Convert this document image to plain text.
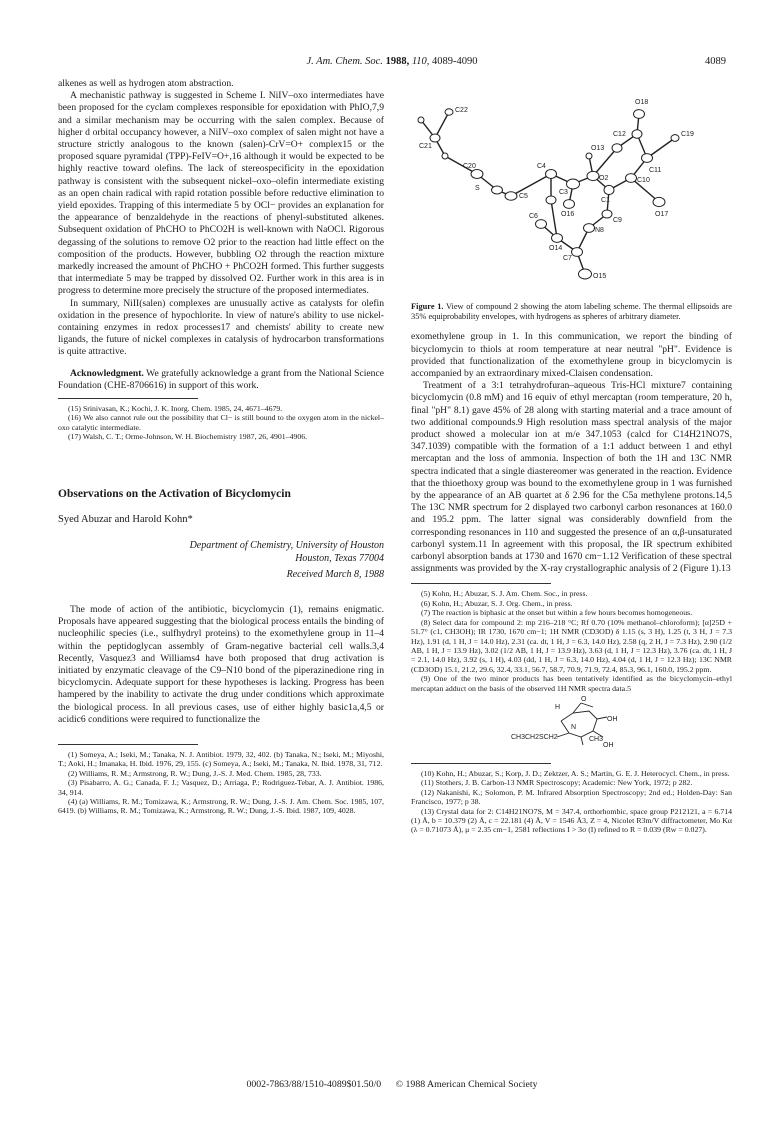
J. Am. Chem. Soc. 1988, 110, 4089-4090	4089

alkenes as well as hydrogen atom abstraction.

A mechanistic pathway is suggested in Scheme I. NiIV–oxo intermediates have been proposed for the cyclam complexes responsible for epoxidation with PhIO,7,9 and a similar mechanism may be occurring with the salen complex. Because of higher d orbital occupancy however, a NiIV–oxo complex of salen might not have a structure strictly analogous to the known (salen)-CrV=O+ complex15 or the proposed square pyramidal (TPP)-FeIV=O+,16 although it would be expected to be highly reactive toward olefins. The lack of stereospecificity in the epoxidation pathway is consistent with the subsequent nickel–oxo–olefin intermediate existing as an open chain radical with rapid rotation possible before reductive elimination to yield epoxides. Trapping of this intermediate 5 by OCl− provides an explanation for the appearance of benzaldehyde in the reactions of phenyl-substituted alkenes. Subsequent oxidation of PhCHO to PhCO2H is well-known with NaOCl. Rigorous degassing of the solutions to remove O2 prior to the reaction had little effect on the composition of the products. However, bubbling O2 through the reaction mixture markedly increased the amount of PhCHO + PhCO2H formed. This further suggests that intermediate 5 may be trapped by dissolved O2. Further work in this area is in progress to determine more precisely the structure of the proposed intermediates.

In summary, NiII(salen) complexes are unusually active as catalysts for olefin oxidation in the presence of hypochlorite. In view of nature's ability to use nickel-containing enzymes in redox processes17 and chemists' ability to create new ligands, the future of nickel complexes in catalysis of hydrocarbon transformations is quite attractive.

Acknowledgment. We gratefully acknowledge a grant from the National Science Foundation (CHE-8706616) in support of this work.

(15) Srinivasan, K.; Kochi, J. K. Inorg. Chem. 1985, 24, 4671–4679.

(16) We also cannot rule out the possibility that Cl− is still bound to the oxygen atom in the nickel–oxo catalytic intermediate.

(17) Walsh, C. T.; Orme-Johnson, W. H. Biochemistry 1987, 26, 4901–4906.

Observations on the Activation of Bicyclomycin
Syed Abuzar and Harold Kohn*
Department of Chemistry, University of Houston
Houston, Texas 77004
Received March 8, 1988

The mode of action of the antibiotic, bicyclomycin (1), remains enigmatic. Proposals have appeared suggesting that the biological process entails the binding of nucleophilic species (i.e., sulfhydryl proteins) to the exomethylene group in 11–4 within the peptidoglycan assembly of Gram-negative bacterial cell walls.3,4 Recently, Vasquez3 and Williams4 have both proposed that drug activation is initiated by enzymatic cleavage of the C9–N10 bond of the piperazinedione ring in bicyclomycin. Adequate support for these hypotheses is lacking. Progress has been hampered by the inability to activate the drug under conditions which approximate the biological process. In all previous cases, use of either highly basic1a,4,5 or acidic6 conditions were required to functionalize the

(1) Someya, A.; Iseki, M.; Tanaka, N. J. Antibiot. 1979, 32, 402. (b) Tanaka, N.; Iseki, M.; Miyoshi, T.; Aoki, H.; Imanaka, H. Ibid. 1976, 29, 155. (c) Someya, A.; Iseki, M.; Tanaka, N. Ibid. 1978, 31, 712.

(2) Williams, R. M.; Armstrong, R. W.; Dung, J.-S. J. Med. Chem. 1985, 28, 733.

(3) Pisabarro, A. G.; Canada, F. J.; Vasquez, D.; Arriaga, P.; Rodriguez-Tebar, A. J. Antibiot. 1986, 34, 914.

(4) (a) Williams, R. M.; Tomizawa, K.; Armstrong, R. W.; Dung, J.-S. J. Am. Chem. Soc. 1985, 107, 6419. (b) Williams, R. M.; Tomizawa, K.; Armstrong, R. W.; Dung, J.-S. Ibid. 1987, 109, 4028.

C22
C21
C20
S
C4
C5
C3
O2
C6
O14
C7
N8
O15
O16
C1
C9
C10
C11
C12
O13
O18
C19
O17

Figure 1. View of compound 2 showing the atom labeling scheme. The thermal ellipsoids are 35% equiprobability envelopes, with hydrogens as spheres of arbitrary diameter.

exomethylene group in 1. In this communication, we report the binding of bicyclomycin to thiols at room temperature at near neutral "pH". Evidence is provided that functionalization of the exomethylene group in bicyclomycin is accompanied by an extraordinary mixed-Claisen condensation.

Treatment of a 3:1 tetrahydrofuran–aqueous Tris-HCl mixture7 containing bicyclomycin (0.8 mM) and 16 equiv of ethyl mercaptan (room temperature, 20 h, final "pH" 8.1) gave 45% of 28 along with starting material and a trace amount of two additional compounds.9 High resolution mass spectral analysis of the major product showed a molecular ion at m/e 347.1053 (calcd for C14H21NO7S, 347.1039) compatible with the formation of a 1:1 adduct between 1 and ethyl mercaptan and the loss of ammonia. Inspection of both the 1H and 13C NMR spectra indicated that a single diastereomer was generated in the reaction. Evidence that the thioethoxy group was bound to the exomethylene group in 1 was furnished by the appearance of an AB quartet at δ 2.96 for the C5a methylene protons.14,5 The 13C NMR spectrum for 2 displayed two carbonyl carbon resonances at 160.0 and 195.2 ppm. The latter signal was considerably downfield from the corresponding resonances in 110 and suggested the presence of an α,β-unsaturated carbonyl system.11 In agreement with this proposal, the IR spectrum exhibited carbonyl absorption bands at 1730 and 1670 cm−1.12 Verification of these spectral assignments was provided by the X-ray crystallographic analysis of 2 (Figure 1).13

(5) Kohn, H.; Abuzar, S. J. Am. Chem. Soc., in press.

(6) Kohn, H.; Abuzar, S. J. Org. Chem., in press.

(7) The reaction is biphasic at the onset but within a few hours becomes homogeneous.

(8) Select data for compound 2: mp 216–218 °C; Rf 0.70 (10% methanol–chloroform); [α]25D + 51.7° (c1, CH3OH); IR 1730, 1670 cm−1; 1H NMR (CD3OD) δ 1.15 (s, 3 H), 1.25 (t, 3 H, J = 7.3 Hz), 1.91 (d, 1 H, J = 14.0 Hz), 2.31 (ca. dt, 1 H, J = 6.3, 14.0 Hz), 2.58 (q, 2 H, J = 7.3 Hz), 2.90 (1/2 AB, 1 H, J = 13.9 Hz), 3.02 (1/2 AB, 1 H, J = 13.9 Hz), 3.63 (d, 1 H, J = 12.3 Hz), 3.76 (ca. dt, 1 H, J = 2.1, 14.0 Hz), 3.92 (s, 1 H), 4.03 (dd, 1 H, J = 6.3, 14.0 Hz), 4.04 (d, 1 H, J = 12.3 Hz); 13C NMR (CD3OD) 15.1, 21.2, 29.6, 32.4, 33.1, 56.7, 58.7, 70.9, 71.9, 72.4, 85.3, 96.1, 160.0, 195.2 ppm.

(9) One of the two minor products has been tentatively identified as the bicyclomycin–ethyl mercaptan adduct on the basis of the observed 1H NMR spectra data.5

CH3CH2SCH2
OH
CH3
OH
H
N
O

(10) Kohn, H.; Abuzar, S.; Korp, J. D.; Zektzer, A. S.; Martin, G. E. J. Heterocycl. Chem., in press.

(11) Stothers, J. B. Carbon-13 NMR Spectroscopy; Academic: New York, 1972; p 282.

(12) Nakanishi, K.; Solomon, P. M. Infrared Absorption Spectroscopy; 2nd ed.; Holden-Day: San Francisco, 1977; p 38.

(13) Crystal data for 2: C14H21NO7S, M = 347.4, orthorhombic, space group P212121, a = 6.714 (1) Å, b = 10.379 (2) Å, c = 22.181 (4) Å, V = 1546 Å3, Z = 4, Nicolet R3m/V diffractometer, Mo Kα (λ = 0.71073 Å), μ = 2.35 cm−1, 2581 reflections I > 3σ (I) refined to R = 0.039 (Rw = 0.027).

0002-7863/88/1510-4089$01.50/0 © 1988 American Chemical Society
